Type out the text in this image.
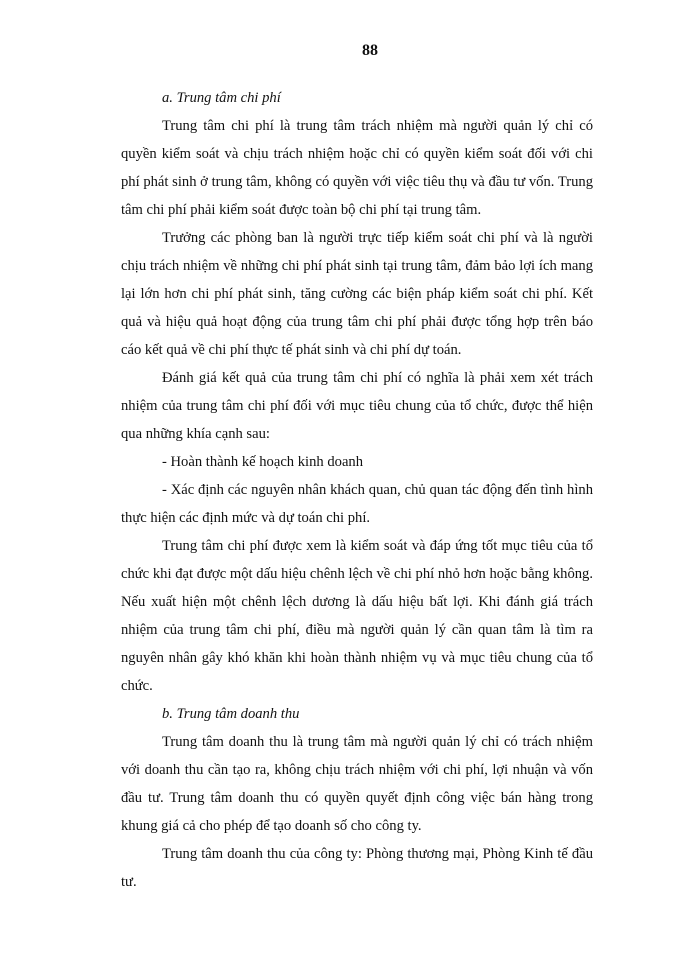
88

a. Trung tâm chi phí

Trung tâm chi phí là trung tâm trách nhiệm mà người quản lý chỉ có quyền kiểm soát và chịu trách nhiệm hoặc chỉ có quyền kiểm soát đối với chi phí phát sinh ở trung tâm, không có quyền với việc tiêu thụ và đầu tư vốn. Trung tâm chi phí phải kiểm soát được toàn bộ chi phí tại trung tâm.

Trưởng các phòng ban là người trực tiếp kiểm soát chi phí và là người chịu trách nhiệm về những chi phí phát sinh tại trung tâm, đảm bảo lợi ích mang lại lớn hơn chi phí phát sinh, tăng cường các biện pháp kiểm soát chi phí. Kết quả và hiệu quả hoạt động của trung tâm chi phí phải được tổng hợp trên báo cáo kết quả về chi phí thực tế phát sinh và chi phí dự toán.

Đánh giá kết quả của trung tâm chi phí có nghĩa là phải xem xét trách nhiệm của trung tâm chi phí đối với mục tiêu chung của tổ chức, được thể hiện qua những khía cạnh sau:

- Hoàn thành kế hoạch kinh doanh

- Xác định các nguyên nhân khách quan, chủ quan tác động đến tình hình thực hiện các định mức và dự toán chi phí.

Trung tâm chi phí được xem là kiểm soát và đáp ứng tốt mục tiêu của tổ chức khi đạt được một dấu hiệu chênh lệch về chi phí nhỏ hơn hoặc bằng không. Nếu xuất hiện một chênh lệch dương là dấu hiệu bất lợi. Khi đánh giá trách nhiệm của trung tâm chi phí, điều mà người quản lý cần quan tâm là tìm ra nguyên nhân gây khó khăn khi hoàn thành nhiệm vụ và mục tiêu chung của tổ chức.

b. Trung tâm doanh thu

Trung tâm doanh thu là trung tâm mà người quản lý chỉ có trách nhiệm với doanh thu cần tạo ra, không chịu trách nhiệm với chi phí, lợi nhuận và vốn đầu tư. Trung tâm doanh thu có quyền quyết định công việc bán hàng trong khung giá cả cho phép để tạo doanh số cho công ty.

Trung tâm doanh thu của công ty: Phòng thương mại, Phòng Kinh tế đầu tư.
